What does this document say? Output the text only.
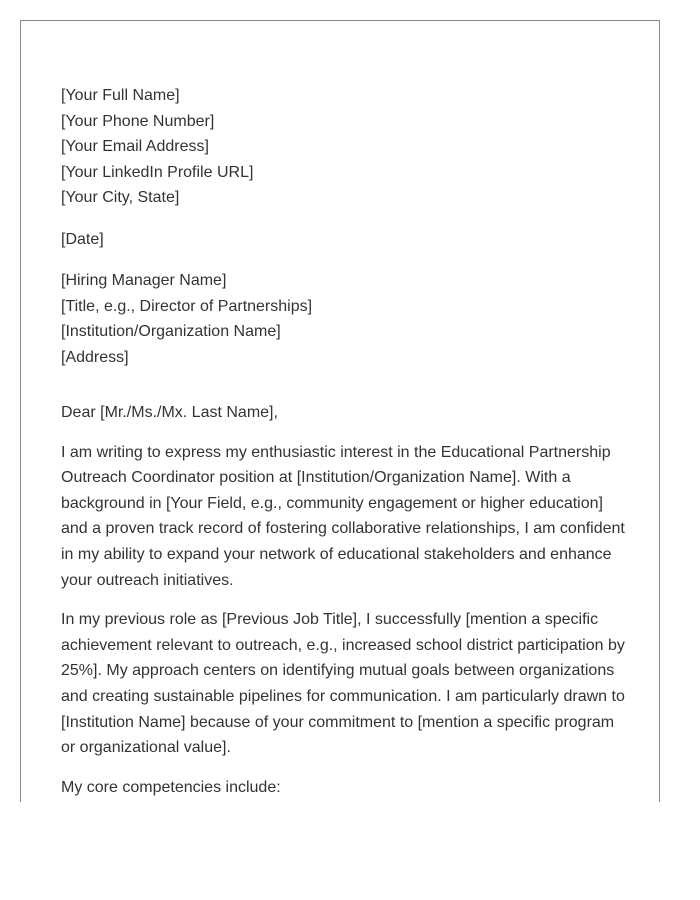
[Your Full Name]
[Your Phone Number]
[Your Email Address]
[Your LinkedIn Profile URL]
[Your City, State]
[Date]
[Hiring Manager Name]
[Title, e.g., Director of Partnerships]
[Institution/Organization Name]
[Address]

Dear [Mr./Ms./Mx. Last Name],

I am writing to express my enthusiastic interest in the Educational Partnership Outreach Coordinator position at [Institution/Organization Name]. With a background in [Your Field, e.g., community engagement or higher education] and a proven track record of fostering collaborative relationships, I am confident in my ability to expand your network of educational stakeholders and enhance your outreach initiatives.

In my previous role as [Previous Job Title], I successfully [mention a specific achievement relevant to outreach, e.g., increased school district participation by 25%]. My approach centers on identifying mutual goals between organizations and creating sustainable pipelines for communication. I am particularly drawn to [Institution Name] because of your commitment to [mention a specific program or organizational value].

My core competencies include:
